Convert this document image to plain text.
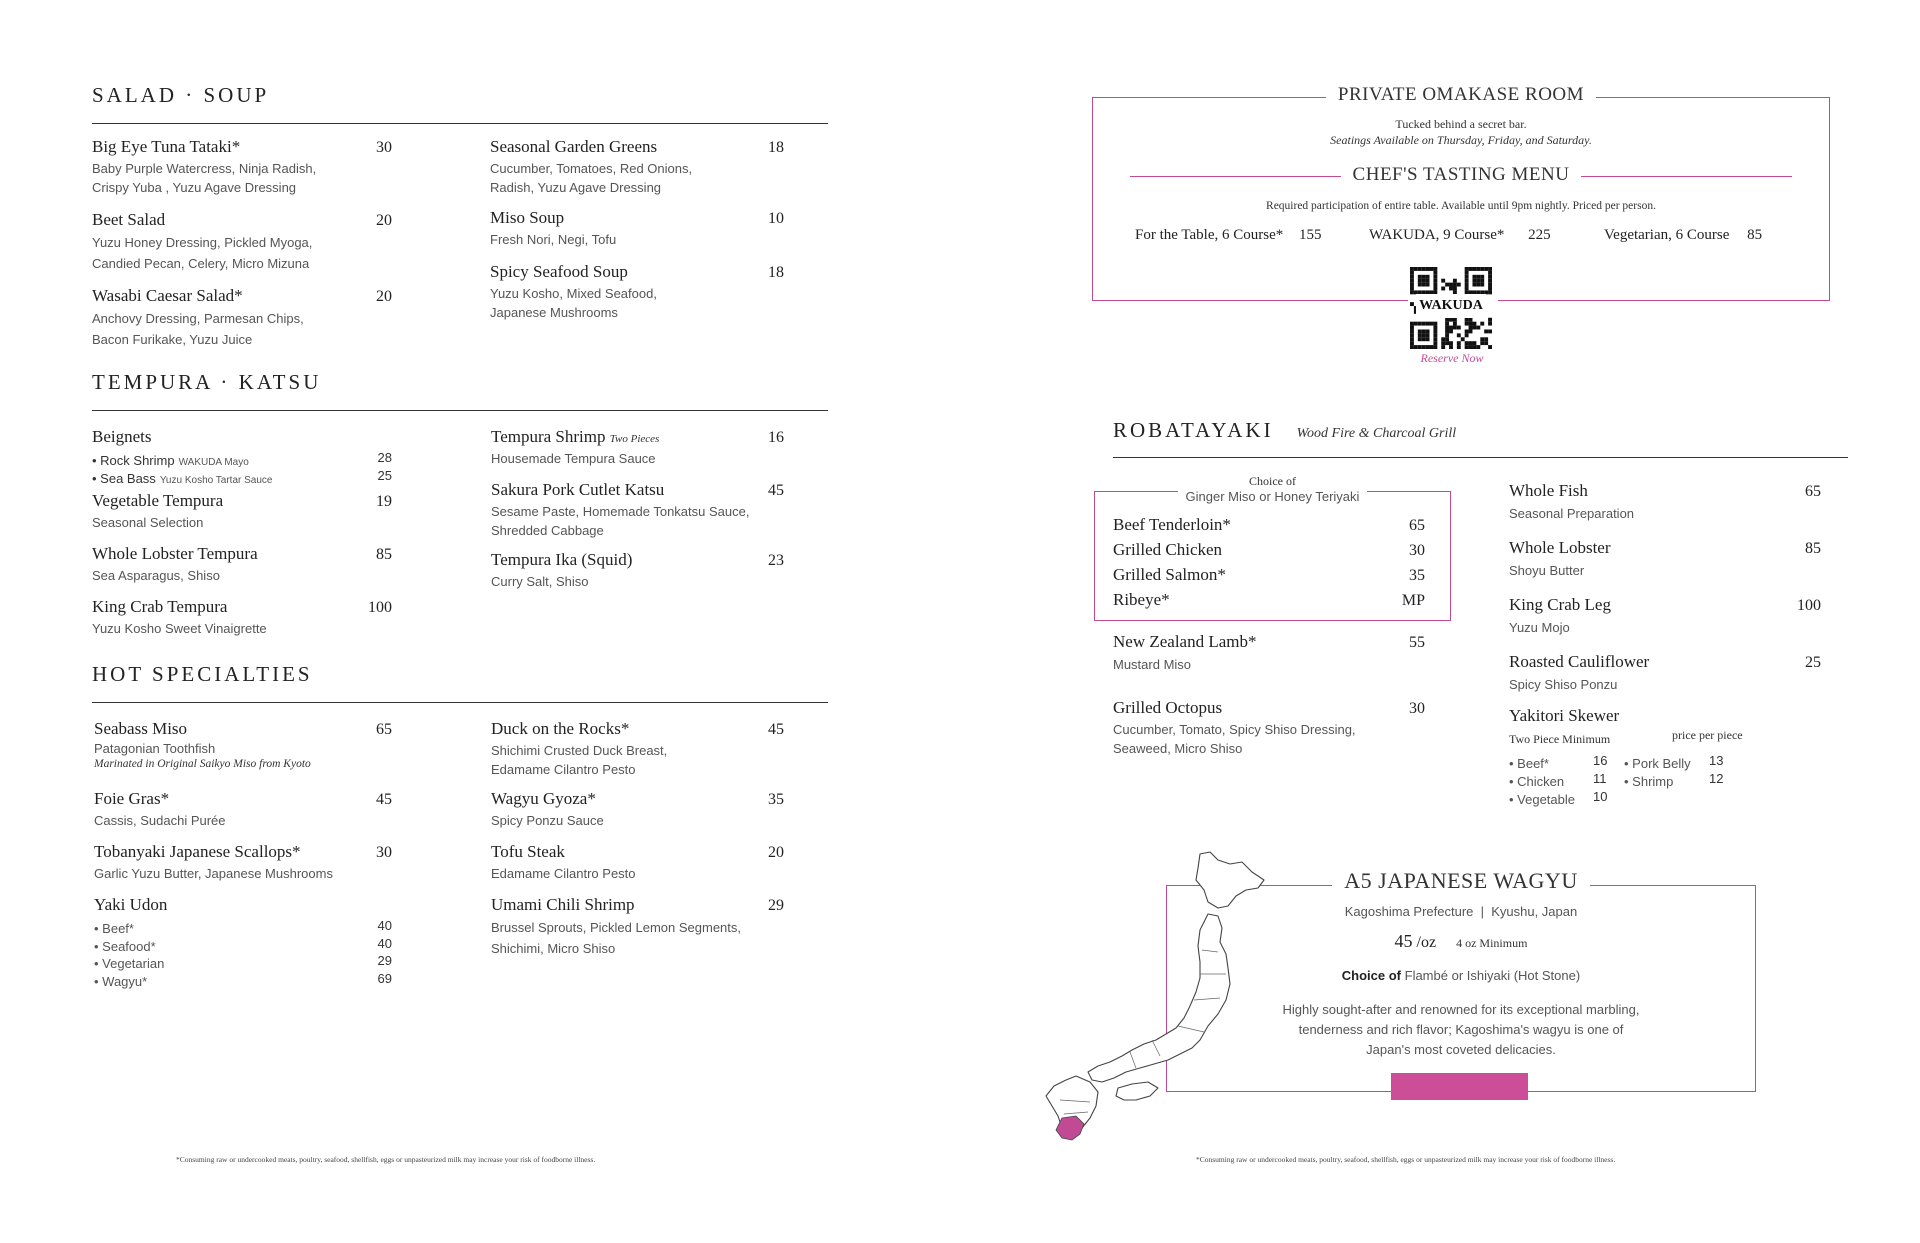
SALAD · SOUP
Big Eye Tuna Tataki*	30
Baby Purple Watercress, Ninja Radish,
Crispy Yuba , Yuzu Agave Dressing
Beet Salad	20
Yuzu Honey Dressing, Pickled Myoga,
Candied Pecan, Celery, Micro Mizuna
Wasabi Caesar Salad*	20
Anchovy Dressing, Parmesan Chips,
Bacon Furikake, Yuzu Juice
Seasonal Garden Greens	18
Cucumber, Tomatoes, Red Onions,
Radish, Yuzu Agave Dressing
Miso Soup	10
Fresh Nori, Negi, Tofu
Spicy Seafood Soup	18
Yuzu Kosho, Mixed Seafood,
Japanese Mushrooms
TEMPURA · KATSU
Beignets
• Rock Shrimp WAKUDA Mayo	28
• Sea Bass Yuzu Kosho Tartar Sauce	25
Vegetable Tempura	19
Seasonal Selection
Whole Lobster Tempura	85
Sea Asparagus, Shiso
King Crab Tempura	100
Yuzu Kosho Sweet Vinaigrette
Tempura Shrimp Two Pieces	16
Housemade Tempura Sauce
Sakura Pork Cutlet Katsu	45
Sesame Paste, Homemade Tonkatsu Sauce,
Shredded Cabbage
Tempura Ika (Squid)	23
Curry Salt, Shiso
HOT SPECIALTIES
Seabass Miso	65
Patagonian Toothfish
Marinated in Original Saikyo Miso from Kyoto
Foie Gras*	45
Cassis, Sudachi Purée
Tobanyaki Japanese Scallops*	30
Garlic Yuzu Butter, Japanese Mushrooms
Yaki Udon
• Beef*	40
• Seafood*	40
• Vegetarian	29
• Wagyu*	69
Duck on the Rocks*	45
Shichimi Crusted Duck Breast,
Edamame Cilantro Pesto
Wagyu Gyoza*	35
Spicy Ponzu Sauce
Tofu Steak	20
Edamame Cilantro Pesto
Umami Chili Shrimp	29
Brussel Sprouts, Pickled Lemon Segments,
Shichimi, Micro Shiso
*Consuming raw or undercooked meats, poultry, seafood, shellfish, eggs or unpasteurized milk may increase your risk of foodborne illness.
PRIVATE OMAKASE ROOM
Tucked behind a secret bar.
Seatings Available on Thursday, Friday, and Saturday.
CHEF'S TASTING MENU
Required participation of entire table. Available until 9pm nightly. Priced per person.
For the Table, 6 Course* 155	WAKUDA, 9 Course* 225	Vegetarian, 6 Course 85
WAKUDA
Reserve Now
ROBATAYAKI Wood Fire & Charcoal Grill
Choice of
Ginger Miso or Honey Teriyaki
Beef Tenderloin*	65
Grilled Chicken	30
Grilled Salmon*	35
Ribeye*	MP
New Zealand Lamb*	55
Mustard Miso
Grilled Octopus	30
Cucumber, Tomato, Spicy Shiso Dressing,
Seaweed, Micro Shiso
Whole Fish	65
Seasonal Preparation
Whole Lobster	85
Shoyu Butter
King Crab Leg	100
Yuzu Mojo
Roasted Cauliflower	25
Spicy Shiso Ponzu
Yakitori Skewer
Two Piece Minimum	price per piece
• Beef*	16
• Chicken 11
• Vegetable 10
• Pork Belly 13
• Shrimp	12
A5 JAPANESE WAGYU
Kagoshima Prefecture  |  Kyushu, Japan
45 /oz 4 oz Minimum
Choice of Flambé or Ishiyaki (Hot Stone)
Highly sought-after and renowned for its exceptional marbling,
tenderness and rich flavor; Kagoshima's wagyu is one of
Japan's most coveted delicacies.
*Consuming raw or undercooked meats, poultry, seafood, shellfish, eggs or unpasteurized milk may increase your risk of foodborne illness.
